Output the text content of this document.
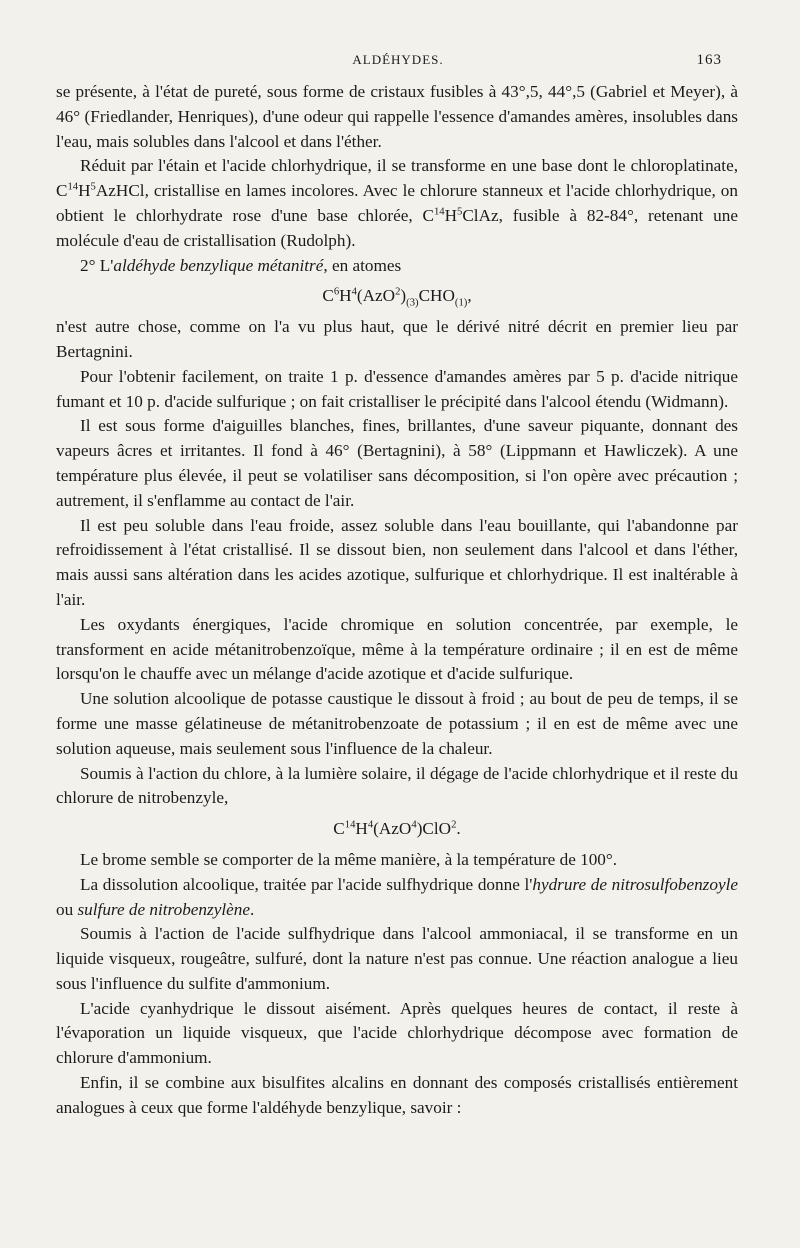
ALDÉHYDES.	163

se présente, à l'état de pureté, sous forme de cristaux fusibles à 43°,5, 44°,5 (Gabriel et Meyer), à 46° (Friedlander, Henriques), d'une odeur qui rappelle l'essence d'amandes amères, insolubles dans l'eau, mais solubles dans l'alcool et dans l'éther.

Réduit par l'étain et l'acide chlorhydrique, il se transforme en une base dont le chloroplatinate, $C^{14}H^5AzHCl$, cristallise en lames incolores. Avec le chlorure stanneux et l'acide chlorhydrique, on obtient le chlorhydrate rose d'une base chlorée, $C^{14}H^5ClAz$, fusible à 82-84°, retenant une molécule d'eau de cristallisation (Rudolph).

2° L'aldéhyde benzylique métanitré, en atomes

$C^6H^4(AzO^2)_{(3)}CHO_{(1)}$,

n'est autre chose, comme on l'a vu plus haut, que le dérivé nitré décrit en premier lieu par Bertagnini.

Pour l'obtenir facilement, on traite 1 p. d'essence d'amandes amères par 5 p. d'acide nitrique fumant et 10 p. d'acide sulfurique ; on fait cristalliser le précipité dans l'alcool étendu (Widmann).

Il est sous forme d'aiguilles blanches, fines, brillantes, d'une saveur piquante, donnant des vapeurs âcres et irritantes. Il fond à 46° (Bertagnini), à 58° (Lippmann et Hawliczek). A une température plus élevée, il peut se volatiliser sans décomposition, si l'on opère avec précaution ; autrement, il s'enflamme au contact de l'air.

Il est peu soluble dans l'eau froide, assez soluble dans l'eau bouillante, qui l'abandonne par refroidissement à l'état cristallisé. Il se dissout bien, non seulement dans l'alcool et dans l'éther, mais aussi sans altération dans les acides azotique, sulfurique et chlorhydrique. Il est inaltérable à l'air.

Les oxydants énergiques, l'acide chromique en solution concentrée, par exemple, le transforment en acide métanitrobenzoïque, même à la température ordinaire ; il en est de même lorsqu'on le chauffe avec un mélange d'acide azotique et d'acide sulfurique.

Une solution alcoolique de potasse caustique le dissout à froid ; au bout de peu de temps, il se forme une masse gélatineuse de métanitrobenzoate de potassium ; il en est de même avec une solution aqueuse, mais seulement sous l'influence de la chaleur.

Soumis à l'action du chlore, à la lumière solaire, il dégage de l'acide chlorhydrique et il reste du chlorure de nitrobenzyle,

$C^{14}H^4(AzO^4)ClO^2$.

Le brome semble se comporter de la même manière, à la température de 100°.

La dissolution alcoolique, traitée par l'acide sulfhydrique donne l'hydrure de nitrosulfobenzoyle ou sulfure de nitrobenzylène.

Soumis à l'action de l'acide sulfhydrique dans l'alcool ammoniacal, il se transforme en un liquide visqueux, rougeâtre, sulfuré, dont la nature n'est pas connue. Une réaction analogue a lieu sous l'influence du sulfite d'ammonium.

L'acide cyanhydrique le dissout aisément. Après quelques heures de contact, il reste à l'évaporation un liquide visqueux, que l'acide chlorhydrique décompose avec formation de chlorure d'ammonium.

Enfin, il se combine aux bisulfites alcalins en donnant des composés cristallisés entièrement analogues à ceux que forme l'aldéhyde benzylique, savoir :
